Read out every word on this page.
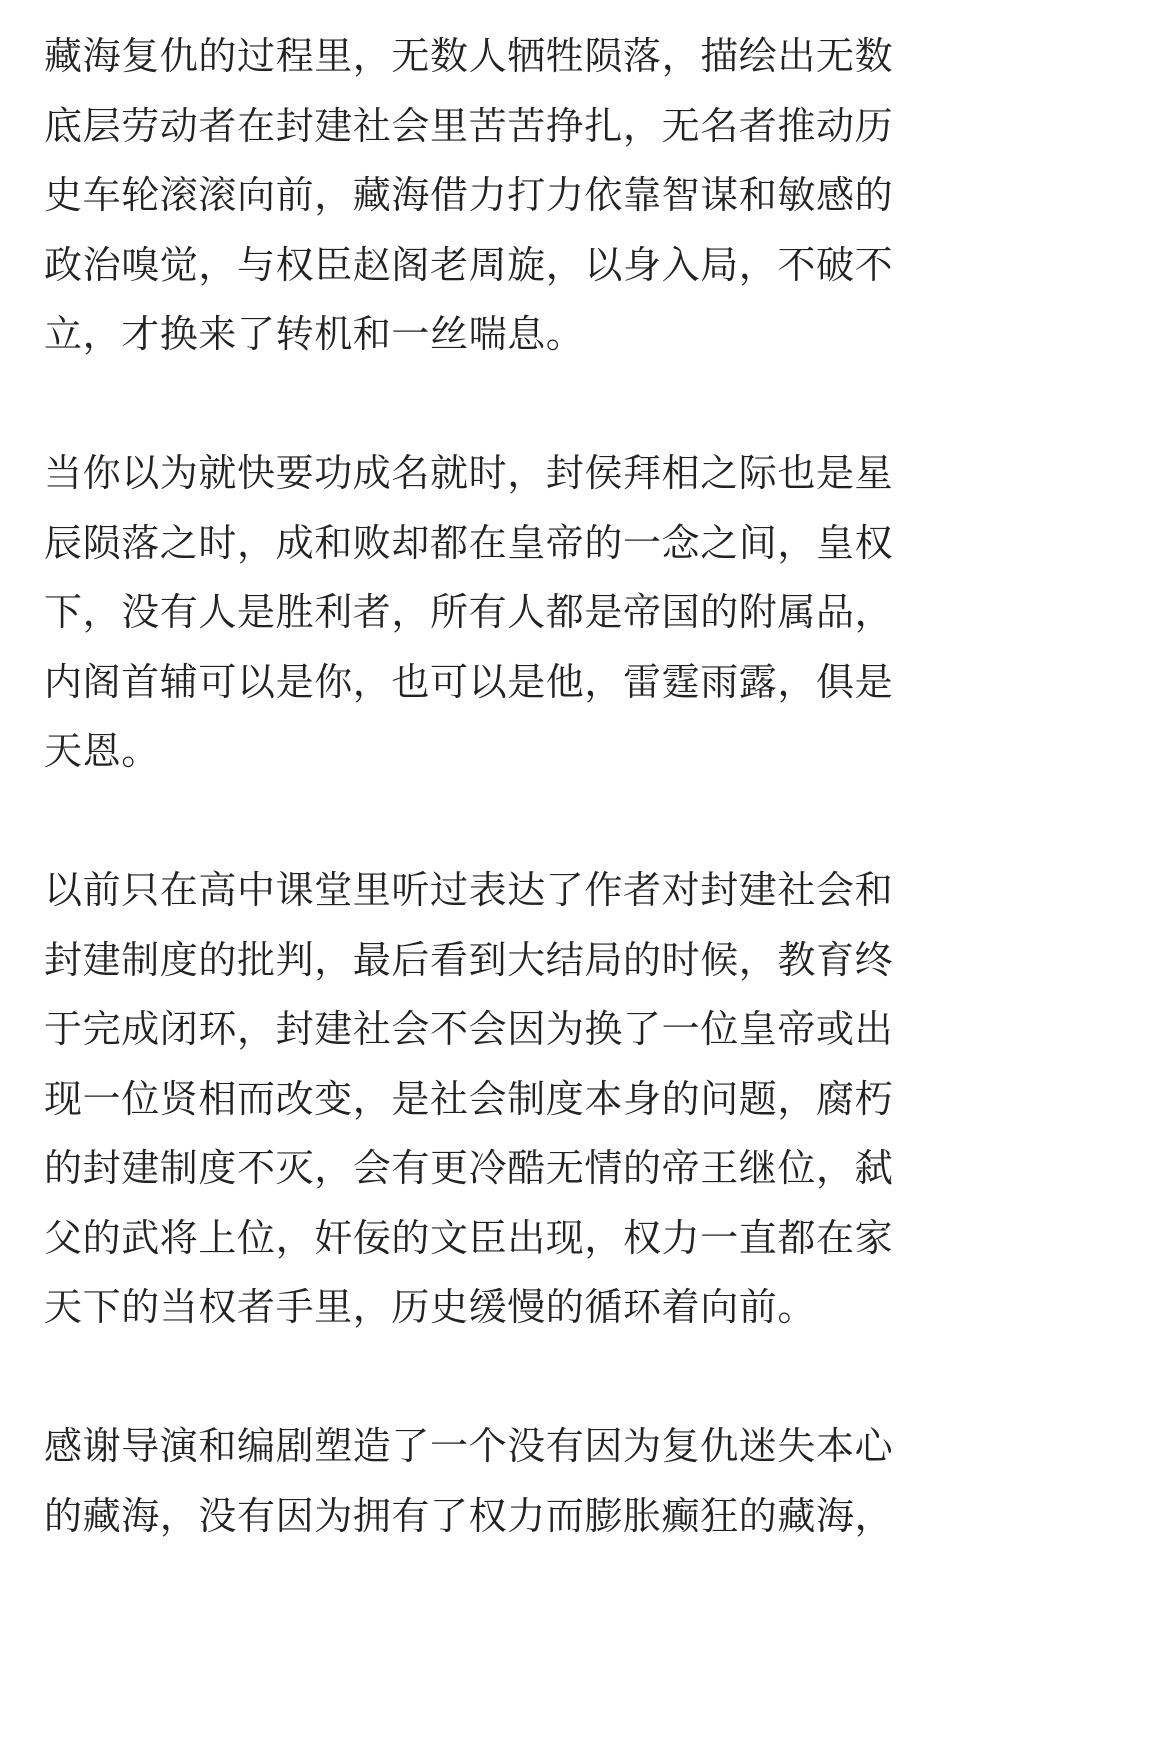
藏海复仇的过程里，无数人牺牲陨落，描绘出无数
底层劳动者在封建社会里苦苦挣扎，无名者推动历
史车轮滚滚向前，藏海借力打力依靠智谋和敏感的
政治嗅觉，与权臣赵阁老周旋，以身入局，不破不
立，才换来了转机和一丝喘息。

当你以为就快要功成名就时，封侯拜相之际也是星
辰陨落之时，成和败却都在皇帝的一念之间，皇权
下，没有人是胜利者，所有人都是帝国的附属品，
内阁首辅可以是你，也可以是他，雷霆雨露，俱是
天恩。

以前只在高中课堂里听过表达了作者对封建社会和
封建制度的批判，最后看到大结局的时候，教育终
于完成闭环，封建社会不会因为换了一位皇帝或出
现一位贤相而改变，是社会制度本身的问题，腐朽
的封建制度不灭，会有更冷酷无情的帝王继位，弑
父的武将上位，奸佞的文臣出现，权力一直都在家
天下的当权者手里，历史缓慢的循环着向前。

感谢导演和编剧塑造了一个没有因为复仇迷失本心
的藏海，没有因为拥有了权力而膨胀癫狂的藏海，
